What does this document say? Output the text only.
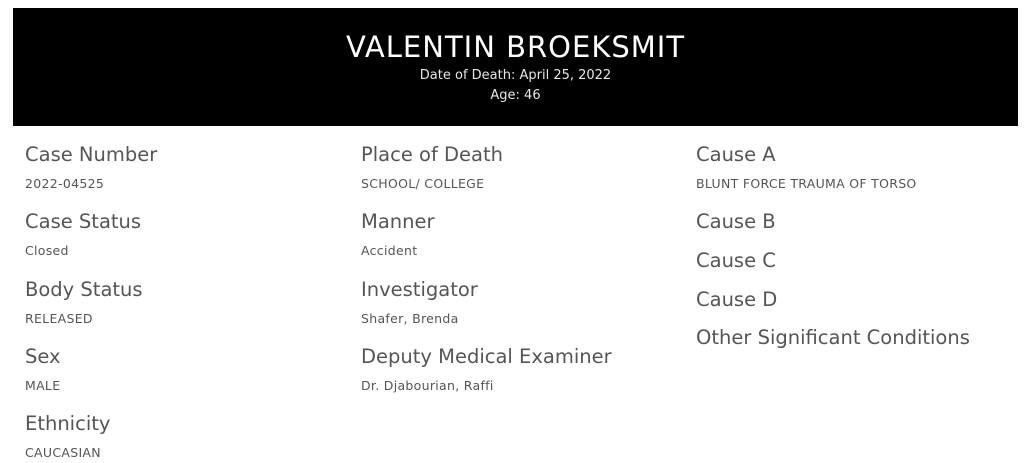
VALENTIN BROEKSMIT
Date of Death: April 25, 2022
Age: 46
Case Number
2022-04525
Case Status
Closed
Body Status
RELEASED
Sex
MALE
Ethnicity
CAUCASIAN
Place of Death
SCHOOL/ COLLEGE
Manner
Accident
Investigator
Shafer, Brenda
Deputy Medical Examiner
Dr. Djabourian, Raffi
Cause A
BLUNT FORCE TRAUMA OF TORSO
Cause B
Cause C
Cause D
Other Significant Conditions
